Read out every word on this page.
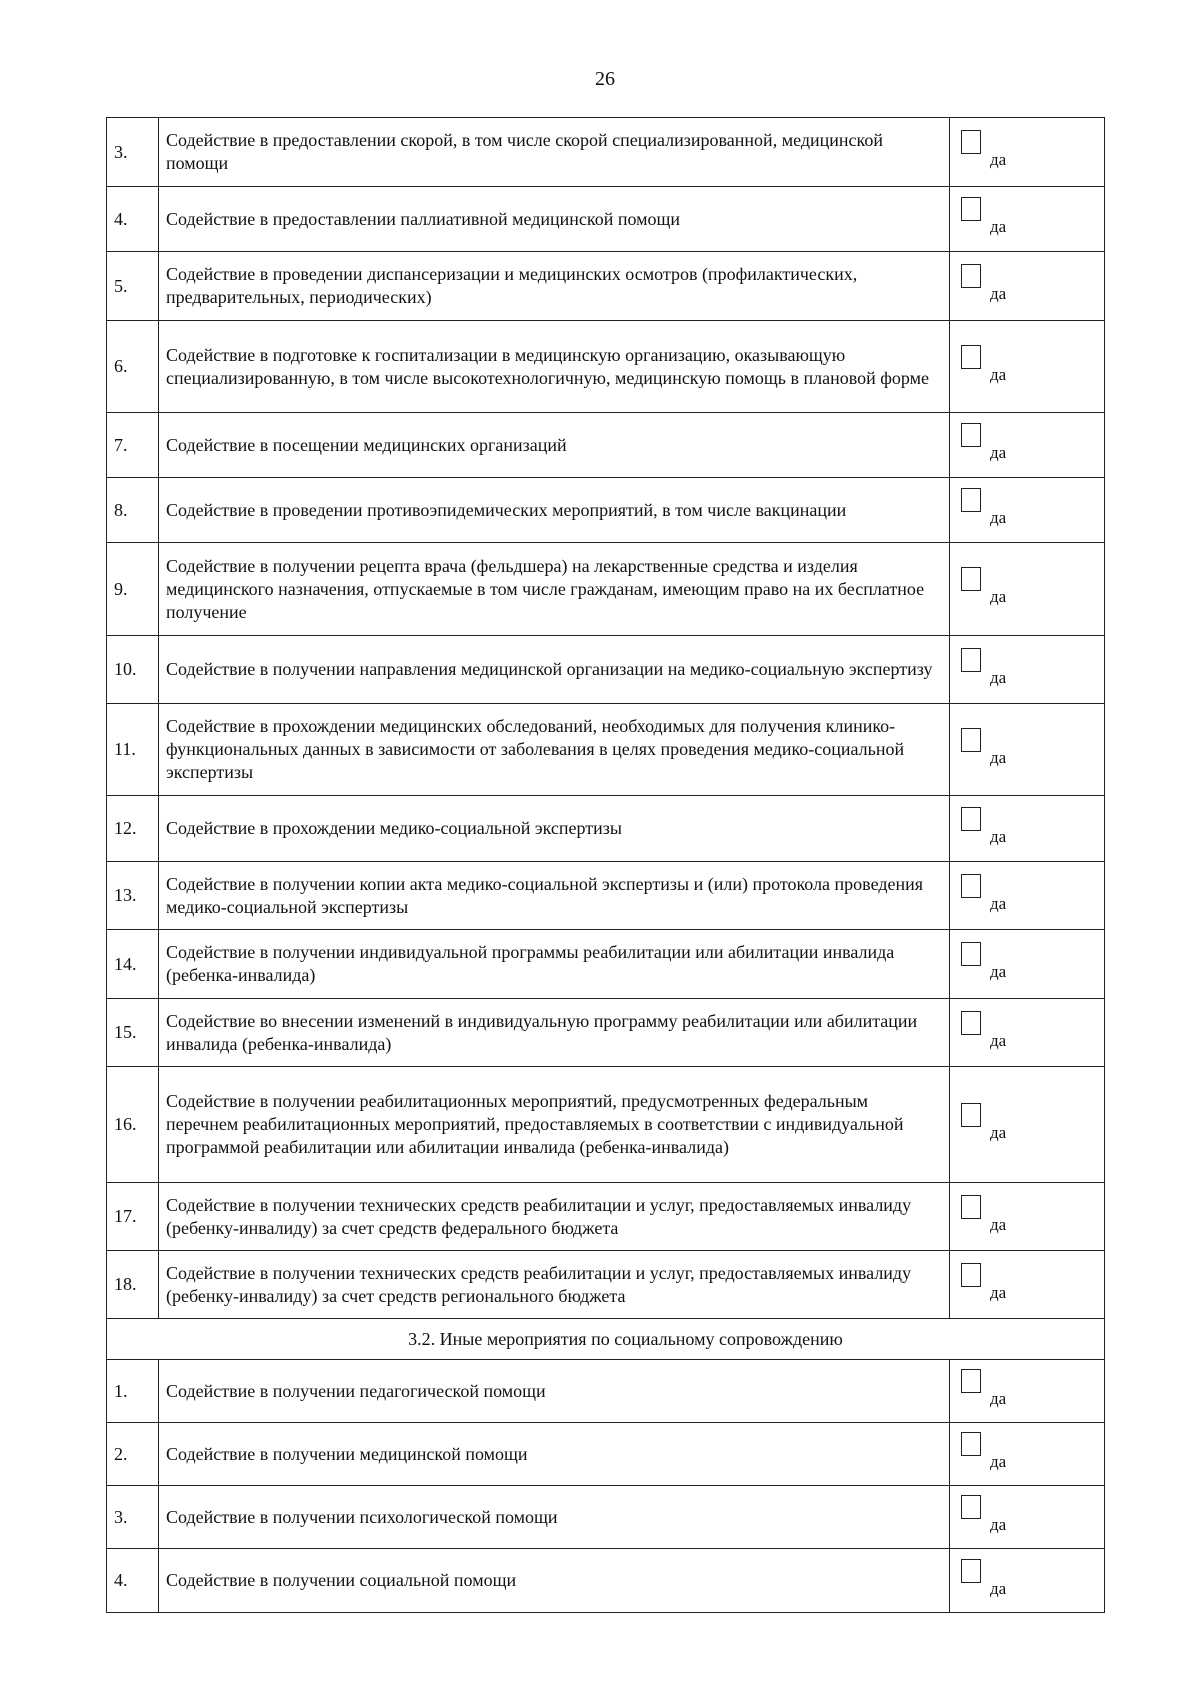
26
3.	Содействие в предоставлении скорой, в том числе скорой специализированной, медицинской помощи	да

4.	Содействие в предоставлении паллиативной медицинской помощи	да

5.	Содействие в проведении диспансеризации и медицинских осмотров (профилактических, предварительных, периодических)	да

6.	Содействие в подготовке к госпитализации в медицинскую организацию, оказывающую специализированную, в том числе высокотехнологичную, медицинскую помощь в плановой форме	да

7.	Содействие в посещении медицинских организаций	да

8.	Содействие в проведении противоэпидемических мероприятий, в том числе вакцинации	да

9.	Содействие в получении рецепта врача (фельдшера) на лекарственные средства и изделия медицинского назначения, отпускаемые в том числе гражданам, имеющим право на их бесплатное получение	да

10.	Содействие в получении направления медицинской организации на медико-социальную экспертизу	да

11.	Содействие в прохождении медицинских обследований, необходимых для получения клинико-функциональных данных в зависимости от заболевания в целях проведения медико-социальной экспертизы	да

12.	Содействие в прохождении медико-социальной экспертизы	да

13.	Содействие в получении копии акта медико-социальной экспертизы и (или) протокола проведения медико-социальной экспертизы	да

14.	Содействие в получении индивидуальной программы реабилитации или абилитации инвалида (ребенка-инвалида)	да

15.	Содействие во внесении изменений в индивидуальную программу реабилитации или абилитации инвалида (ребенка-инвалида)	да

16.	Содействие в получении реабилитационных мероприятий, предусмотренных федеральным перечнем реабилитационных мероприятий, предоставляемых в соответствии с индивидуальной программой реабилитации или абилитации инвалида (ребенка-инвалида)	да

17.	Содействие в получении технических средств реабилитации и услуг, предоставляемых инвалиду (ребенку-инвалиду) за счет средств федерального бюджета	да

18.	Содействие в получении технических средств реабилитации и услуг, предоставляемых инвалиду (ребенку-инвалиду) за счет средств регионального бюджета	да

3.2. Иные мероприятия по социальному сопровождению		
1.	Содействие в получении педагогической помощи	да

2.	Содействие в получении медицинской помощи	да

3.	Содействие в получении психологической помощи	да

4.	Содействие в получении социальной помощи	да
